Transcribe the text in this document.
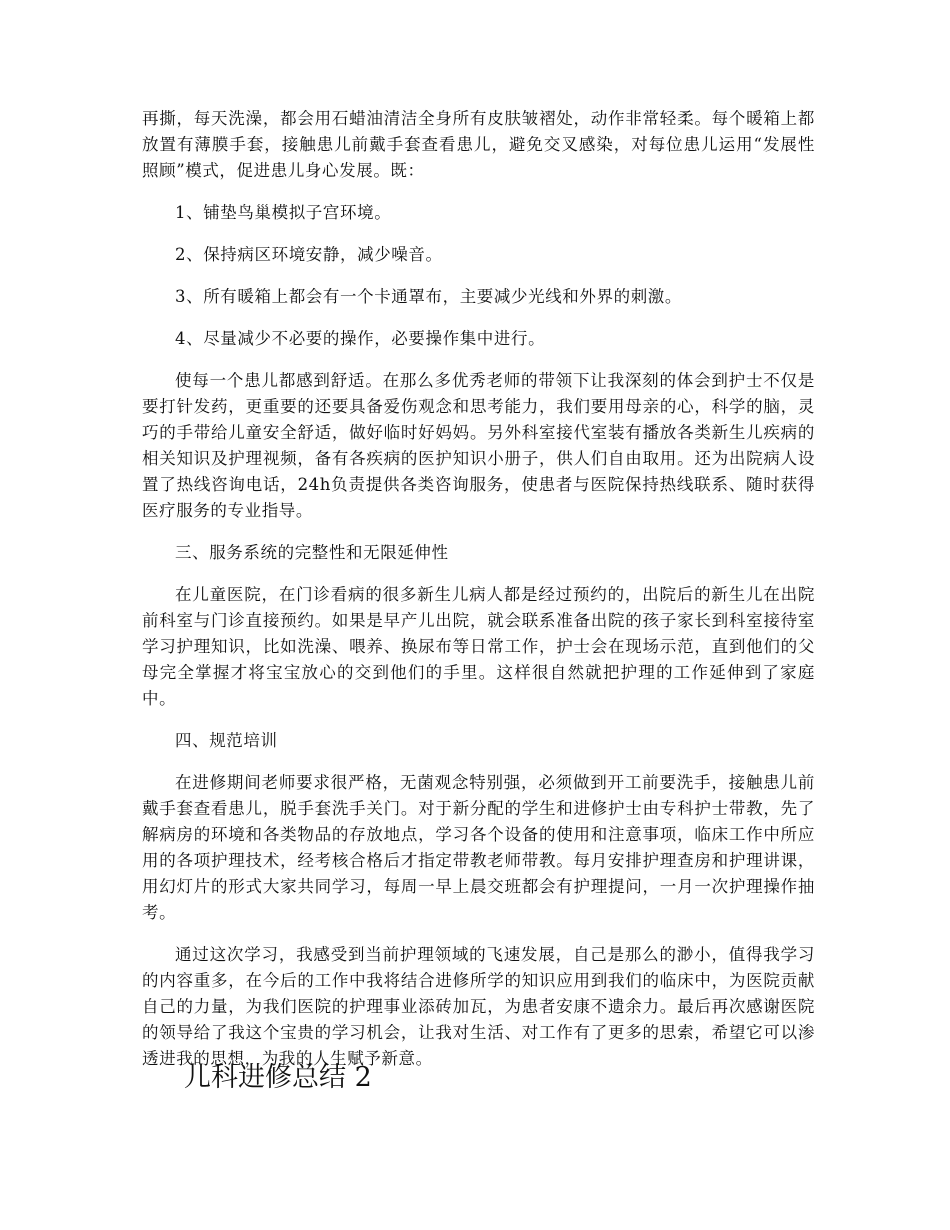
再撕，每天洗澡，都会用石蜡油清洁全身所有皮肤皱褶处，动作非常轻柔。每个暖箱上都放置有薄膜手套，接触患儿前戴手套查看患儿，避免交叉感染，对每位患儿运用“发展性照顾”模式，促进患儿身心发展。既：

1、铺垫鸟巢模拟子宫环境。

2、保持病区环境安静，减少噪音。

3、所有暖箱上都会有一个卡通罩布，主要减少光线和外界的刺激。

4、尽量减少不必要的操作，必要操作集中进行。

使每一个患儿都感到舒适。在那么多优秀老师的带领下让我深刻的体会到护士不仅是要打针发药，更重要的还要具备爱伤观念和思考能力，我们要用母亲的心，科学的脑，灵巧的手带给儿童安全舒适，做好临时好妈妈。另外科室接代室装有播放各类新生儿疾病的相关知识及护理视频，备有各疾病的医护知识小册子，供人们自由取用。还为出院病人设置了热线咨询电话，24h负责提供各类咨询服务，使患者与医院保持热线联系、随时获得医疗服务的专业指导。

三、服务系统的完整性和无限延伸性

在儿童医院，在门诊看病的很多新生儿病人都是经过预约的，出院后的新生儿在出院前科室与门诊直接预约。如果是早产儿出院，就会联系准备出院的孩子家长到科室接待室学习护理知识，比如洗澡、喂养、换尿布等日常工作，护士会在现场示范，直到他们的父母完全掌握才将宝宝放心的交到他们的手里。这样很自然就把护理的工作延伸到了家庭中。

四、规范培训

在进修期间老师要求很严格，无菌观念特别强，必须做到开工前要洗手，接触患儿前戴手套查看患儿，脱手套洗手关门。对于新分配的学生和进修护士由专科护士带教，先了解病房的环境和各类物品的存放地点，学习各个设备的使用和注意事项，临床工作中所应用的各项护理技术，经考核合格后才指定带教老师带教。每月安排护理查房和护理讲课，用幻灯片的形式大家共同学习，每周一早上晨交班都会有护理提问，一月一次护理操作抽考。

通过这次学习，我感受到当前护理领域的飞速发展，自己是那么的渺小，值得我学习的内容重多，在今后的工作中我将结合进修所学的知识应用到我们的临床中，为医院贡献自己的力量，为我们医院的护理事业添砖加瓦，为患者安康不遗余力。最后再次感谢医院的领导给了我这个宝贵的学习机会，让我对生活、对工作有了更多的思索，希望它可以渗透进我的思想，为我的人生赋予新意。

儿科进修总结 2
